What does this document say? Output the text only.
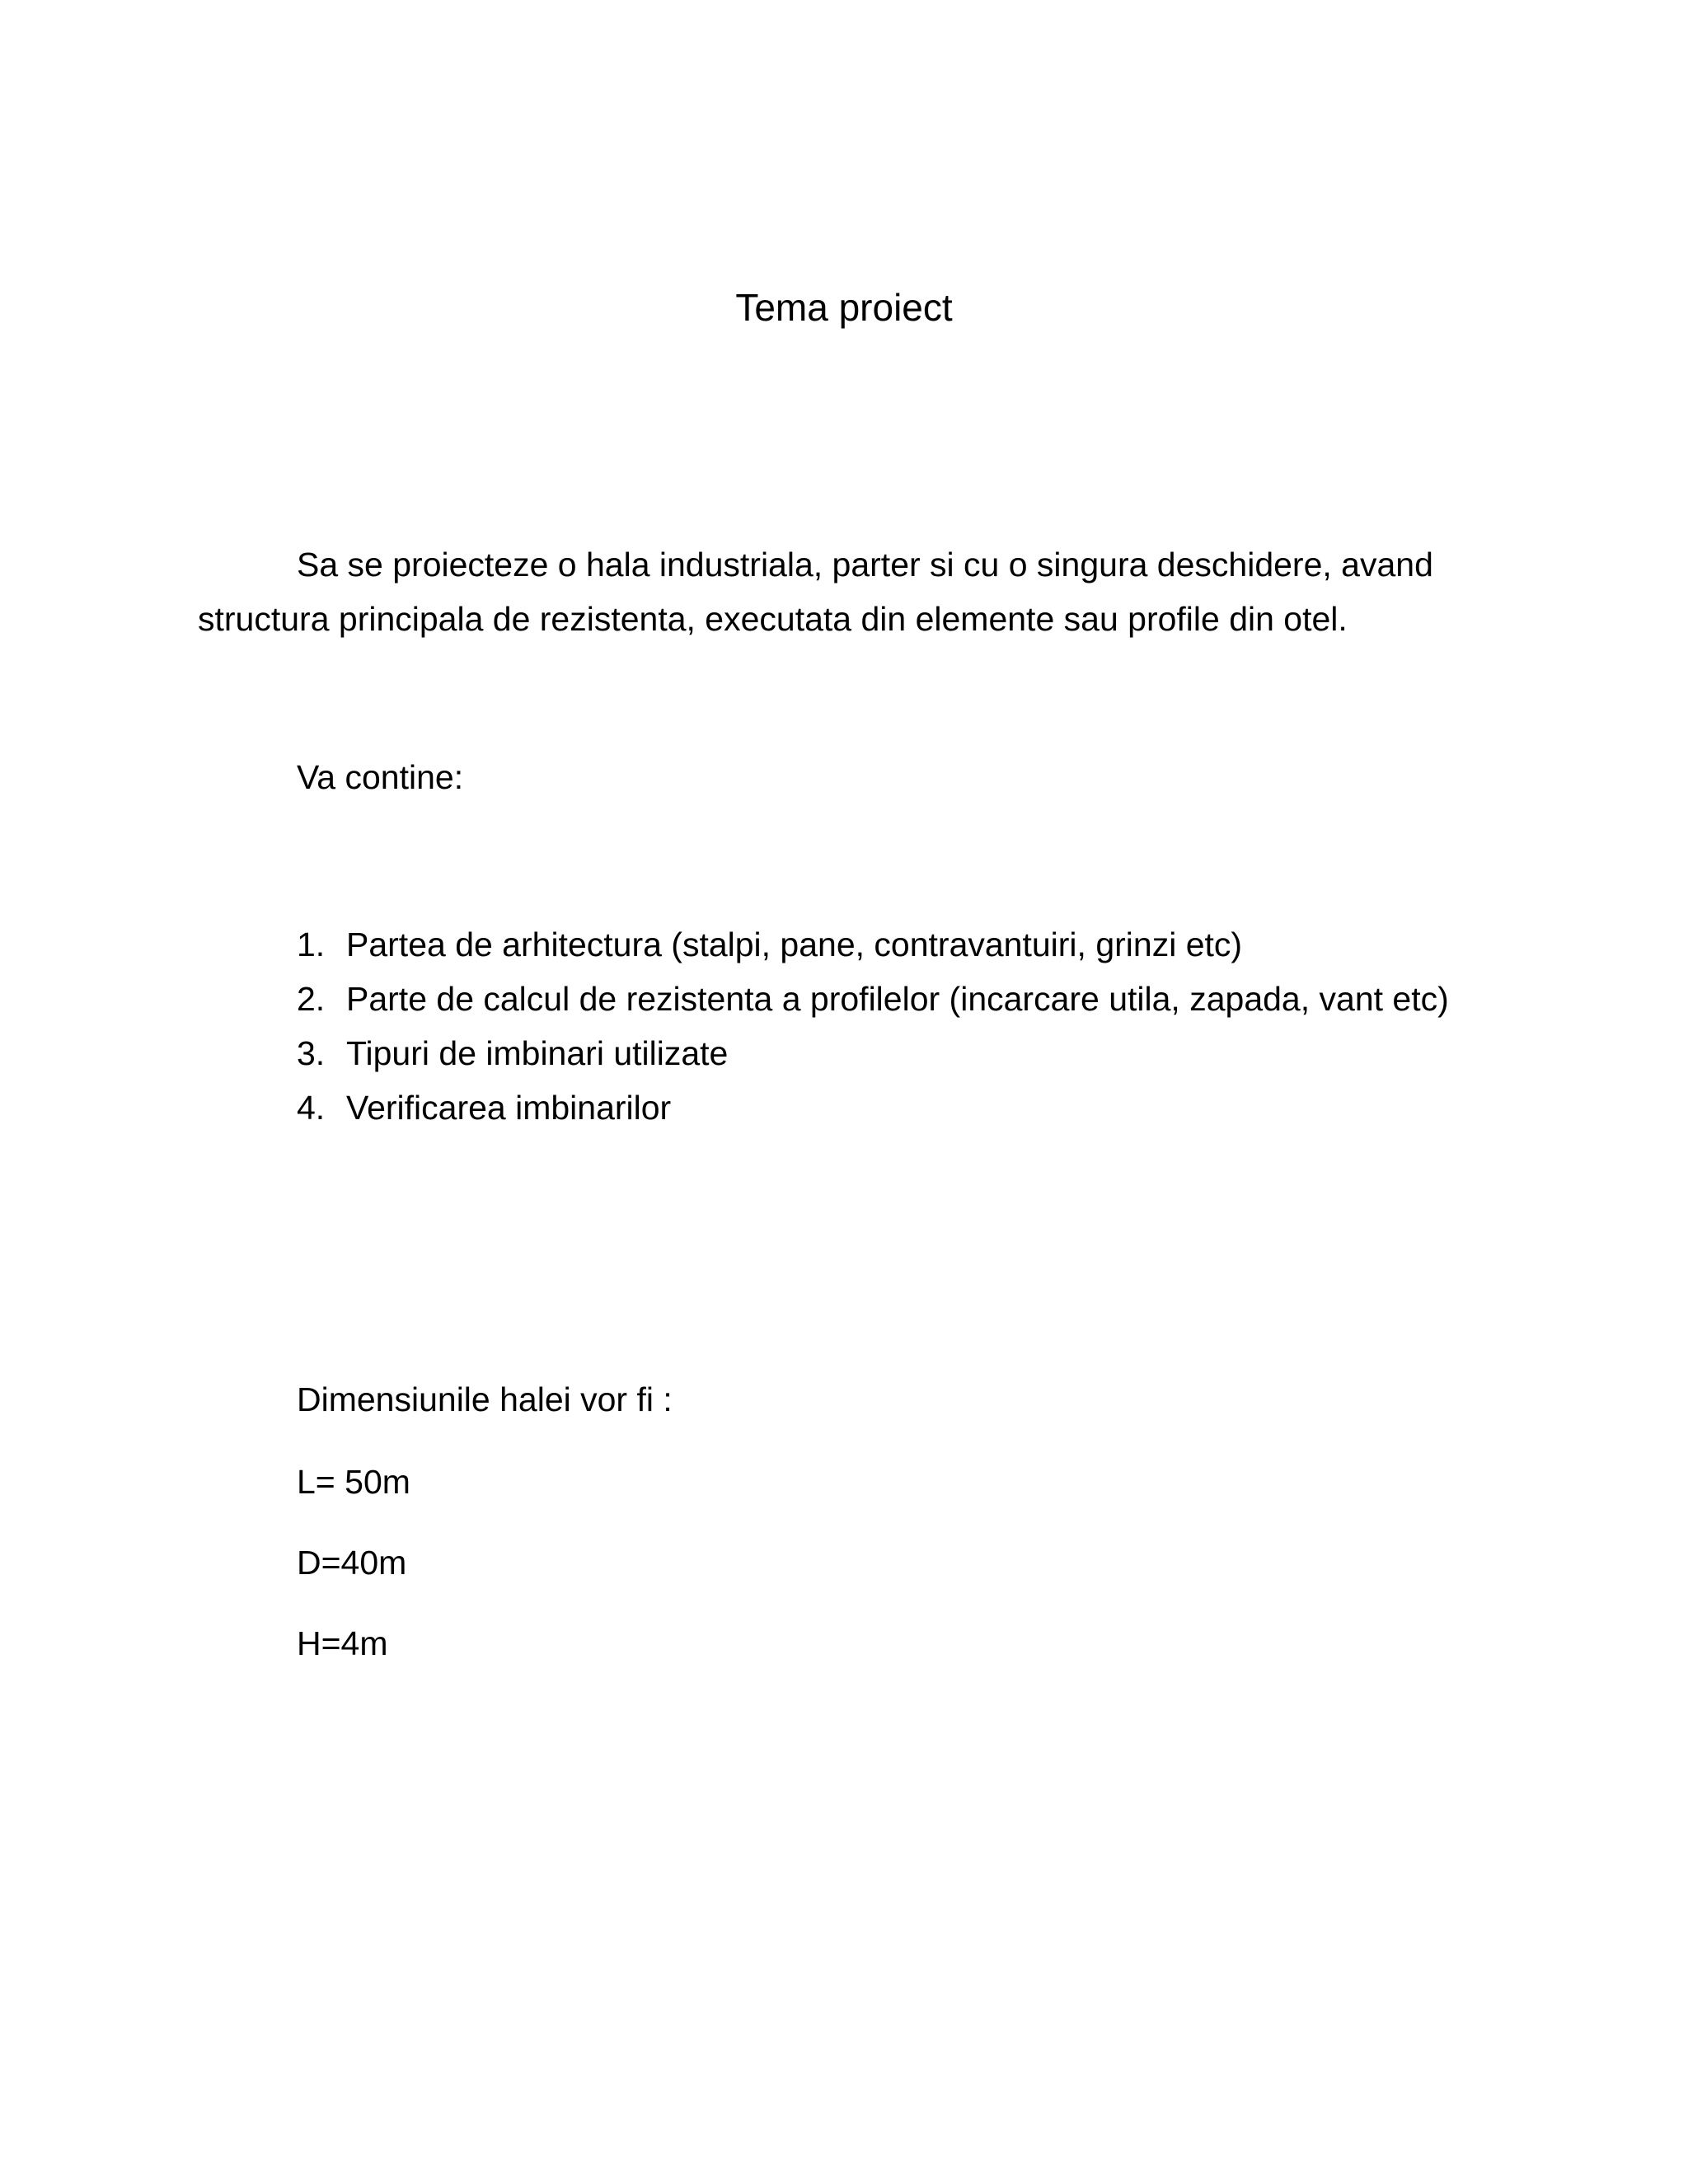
Tema proiect

Sa se proiecteze o hala industriala, parter si cu o singura deschidere, avand structura principala de rezistenta, executata din elemente sau profile din otel.

Va contine:

1. Partea de arhitectura (stalpi, pane, contravantuiri, grinzi etc)
2. Parte de calcul de rezistenta a profilelor (incarcare utila, zapada, vant etc)
3. Tipuri de imbinari utilizate
4. Verificarea imbinarilor

Dimensiunile halei vor fi :

L= 50m

D=40m

H=4m
